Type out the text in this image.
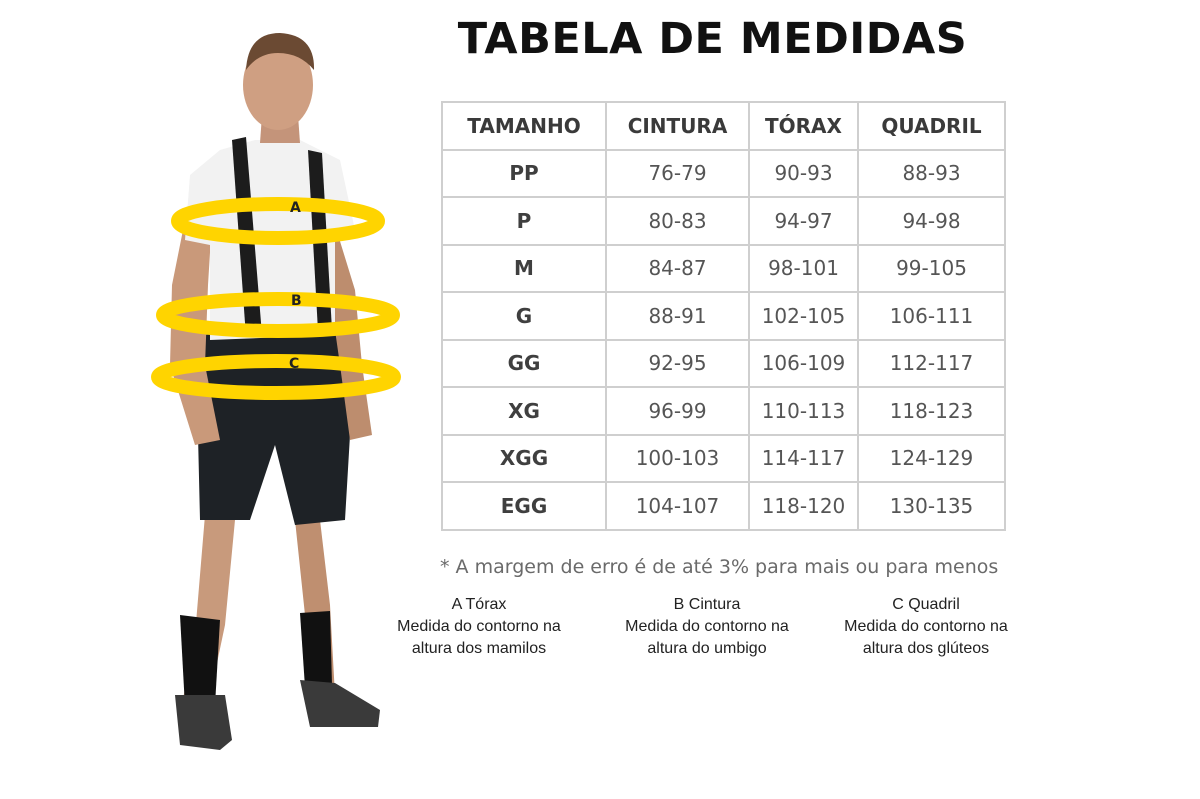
A
B
C
TABELA DE MEDIDAS
TAMANHO	CINTURA	TÓRAX	QUADRIL
PP	76-79	90-93	88-93
P	80-83	94-97	94-98
M	84-87	98-101	99-105
G	88-91	102-105	106-111
GG	92-95	106-109	112-117
XG	96-99	110-113	118-123
XGG	100-103	114-117	124-129
EGG	104-107	118-120	130-135
* A margem de erro é de até 3% para mais ou para menos
A Tórax
Medida do contorno na
altura dos mamilos
B Cintura
Medida do contorno na
altura do umbigo
C Quadril
Medida do contorno na
altura dos glúteos
